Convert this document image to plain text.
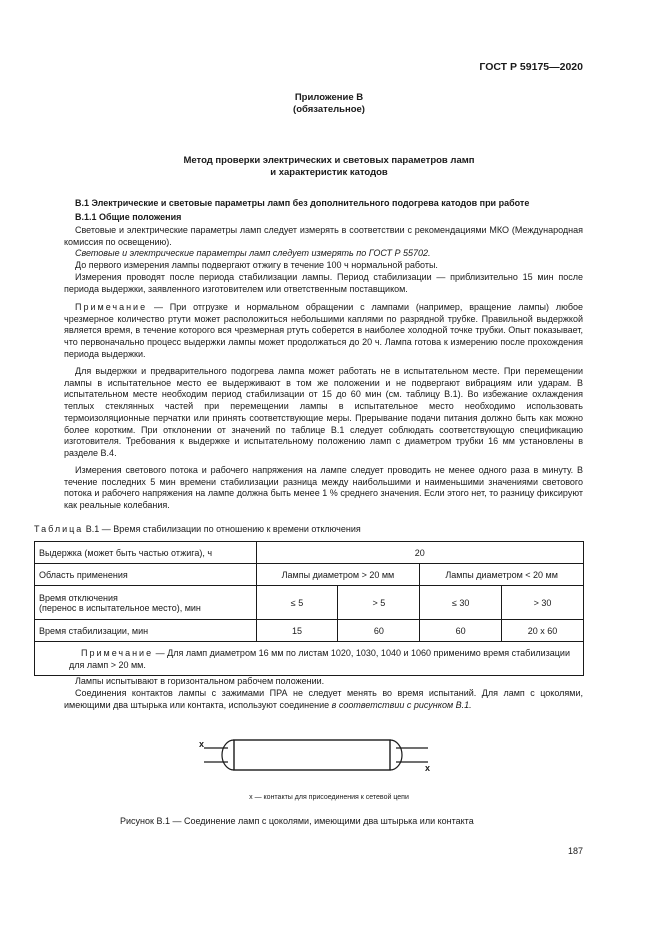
ГОСТ Р 59175—2020
Приложение В
(обязательное)
Метод проверки электрических и световых параметров ламп
и характеристик катодов
В.1 Электрические и световые параметры ламп без дополнительного подогрева катодов при работе
В.1.1 Общие положения

Световые и электрические параметры ламп следует измерять в соответствии с рекомендациями МКО (Международная комиссия по освещению).

Световые и электрические параметры ламп следует измерять по ГОСТ Р 55702.

До первого измерения лампы подвергают отжигу в течение 100 ч нормальной работы.

Измерения проводят после периода стабилизации лампы. Период стабилизации — приблизительно 15 мин после периода выдержки, заявленного изготовителем или ответственным поставщиком.

Примечание — При отгрузке и нормальном обращении с лампами (например, вращение лампы) любое чрезмерное количество ртути может расположиться небольшими каплями по разрядной трубке. Правильной выдержкой является время, в течение которого вся чрезмерная ртуть соберется в наиболее холодной точке трубки. Опыт показывает, что первоначально процесс выдержки лампы может продолжаться до 20 ч. Лампа готова к измерению после прохождения периода выдержки.

Для выдержки и предварительного подогрева лампа может работать не в испытательном месте. При перемещении лампы в испытательное место ее выдерживают в том же положении и не подвергают вибрациям или ударам. В испытательном месте необходим период стабилизации от 15 до 60 мин (см. таблицу В.1). Во избежание охлаждения теплых стеклянных частей при перемещении лампы в испытательное место необходимо использовать термоизоляционные перчатки или принять соответствующие меры. Прерывание подачи питания должно быть как можно более коротким. При отклонении от значений по таблице В.1 следует соблюдать соответствующую спецификацию изготовителя. Требования к выдержке и испытательному положению ламп с диаметром трубки 16 мм установлены в разделе В.4.

Измерения светового потока и рабочего напряжения на лампе следует проводить не менее одного раза в минуту. В течение последних 5 мин времени стабилизации разница между наибольшими и наименьшими значениями светового потока и рабочего напряжения на лампе должна быть менее 1 % среднего значения. Если этого нет, то разницу фиксируют как реальные колебания.

Таблица В.1 — Время стабилизации по отношению к времени отключения
Выдержка (может быть частью отжига), ч	20			
Область применения	Лампы диаметром > 20 мм		Лампы диаметром < 20 мм	

Время отключения
(перенос в испытательное место), мин	≤ 5	> 5	≤ 30	> 30
Время стабилизации, мин	15	60	60	20 х 60
Примечание — Для ламп диаметром 16 мм по листам 1020, 1030, 1040 и 1060 применимо время стабилизации для ламп > 20 мм.				

Лампы испытывают в горизонтальном рабочем положении.

Соединения контактов лампы с зажимами ПРА не следует менять во время испытаний. Для ламп с цоколями, имеющими два штырька или контакта, используют соединение в соответствии с рисунком В.1.

x
x
х — контакты для присоединения к сетевой цепи
Рисунок В.1 — Соединение ламп с цоколями, имеющими два штырька или контакта
187
